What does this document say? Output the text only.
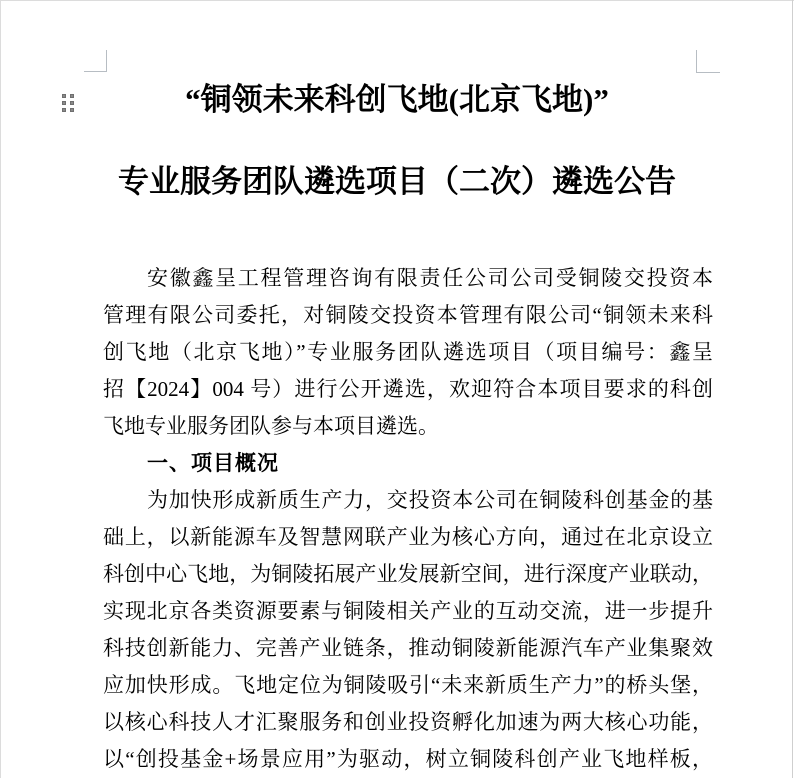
“铜领未来科创飞地(北京飞地)”
专业服务团队遴选项目（二次）遴选公告
安徽鑫呈工程管理咨询有限责任公司公司受铜陵交投资本
管理有限公司委托，对铜陵交投资本管理有限公司“铜领未来科
创飞地（北京飞地）”专业服务团队遴选项目（项目编号：鑫呈
招【2024】004 号）进行公开遴选，欢迎符合本项目要求的科创
飞地专业服务团队参与本项目遴选。
一、项目概况
为加快形成新质生产力，交投资本公司在铜陵科创基金的基
础上，以新能源车及智慧网联产业为核心方向，通过在北京设立
科创中心飞地，为铜陵拓展产业发展新空间，进行深度产业联动，
实现北京各类资源要素与铜陵相关产业的互动交流，进一步提升
科技创新能力、完善产业链条，推动铜陵新能源汽车产业集聚效
应加快形成。飞地定位为铜陵吸引“未来新质生产力”的桥头堡，
以核心科技人才汇聚服务和创业投资孵化加速为两大核心功能，
以“创投基金+场景应用”为驱动，树立铜陵科创产业飞地样板，
